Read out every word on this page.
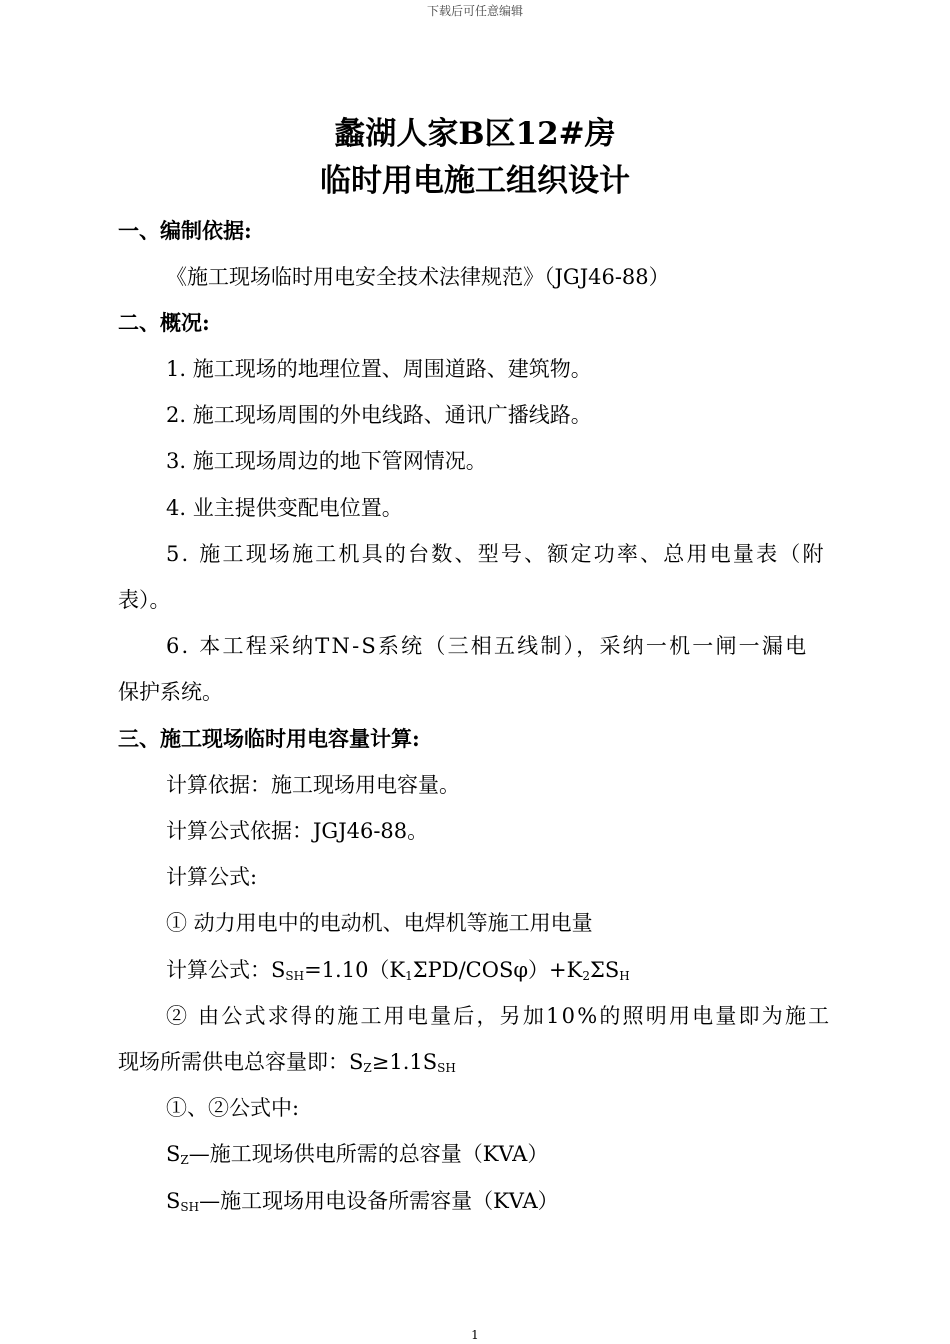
下载后可任意编辑
蠡湖人家B区12#房
临时用电施工组织设计
一、编制依据:
《施工现场临时用电安全技术法律规范》（JGJ46-88）
二、概况:
1. 施工现场的地理位置、周围道路、建筑物。
2. 施工现场周围的外电线路、通讯广播线路。
3. 施工现场周边的地下管网情况。
4. 业主提供变配电位置。
5. 施工现场施工机具的台数、型号、额定功率、总用电量表（附
表）。
6. 本工程采纳TN-S系统（三相五线制），采纳一机一闸一漏电
保护系统。
三、施工现场临时用电容量计算:
计算依据：施工现场用电容量。
计算公式依据：JGJ46-88。
计算公式:
① 动力用电中的电动机、电焊机等施工用电量
计算公式：$S_{SH}=1.10(K_1\Sigma PD/COS\varphi)+K_2\Sigma S_H$
② 由公式求得的施工用电量后，另加10%的照明用电量即为施工
现场所需供电总容量即：$S_Z\ge 1.1S_{SH}$
①、②公式中:
$S_Z—$施工现场供电所需的总容量（KVA）
$S_{SH}—$施工现场用电设备所需容量（KVA）
1
